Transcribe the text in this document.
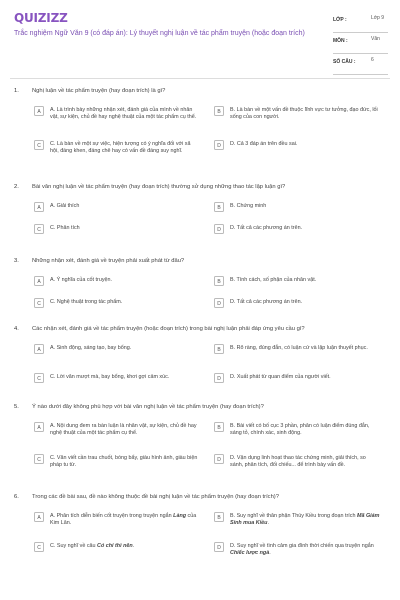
QUIZIZZ
Trắc nghiệm Ngữ Văn 9 (có đáp án): Lý thuyết nghị luận về tác phẩm truyện (hoặc đoạn trích)
LỚP :	Lớp 9
MÔN :	Văn
SỐ CÂU :	6
1. Nghị luận về tác phẩm truyện (hay đoạn trích) là gì?
A	A. Là trình bày những nhận xét, đánh giá của mình về nhân vật, sự kiện, chủ đề hay nghệ thuật của một tác phẩm cụ thể.
B	B. Là bàn về một vấn đề thuộc lĩnh vực tư tưởng, đạo đức, lối sống của con người.
C	C. Là bàn về một sự việc, hiện tượng có ý nghĩa đối với xã hội, đáng khen, đáng chê hay có vấn đề đáng suy nghĩ.
D	D. Cả 3 đáp án trên đều sai.
2. Bài văn nghị luận về tác phẩm truyện (hay đoạn trích) thường sử dụng những thao tác lập luận gì?
A	A. Giải thích	B	B. Chứng minh
C	C. Phân tích	D	D. Tất cả các phương án trên.
3. Những nhận xét, đánh giá về truyện phải xuất phát từ đâu?
A	A. Ý nghĩa của cốt truyện.	B	B. Tính cách, số phận của nhân vật.
C	C. Nghệ thuật trong tác phẩm.	D	D. Tất cả các phương án trên.
4. Các nhận xét, đánh giá về tác phẩm truyện (hoặc đoạn trích) trong bài nghị luận phải đáp ứng yêu cầu gì?
A	A. Sinh động, sáng tạo, bay bổng.	B	B. Rõ ràng, đúng đắn, có luận cứ và lập luận thuyết phục.
C	C. Lời văn mượt mà, bay bổng, khơi gợi cảm xúc.	D	D. Xuất phát từ quan điểm của người viết.
5. Ý nào dưới đây không phù hợp với bài văn nghị luận về tác phẩm truyện (hay đoạn trích)?
A	A. Nội dung đem ra bàn luận là nhân vật, sự kiện, chủ đề hay nghệ thuật của một tác phẩm cụ thể.
B	B. Bài viết có bố cục 3 phần, phân có luận điểm đúng đắn, sáng tỏ, chính xác, sinh động.
C	C. Văn viết cần trau chuốt, bóng bẩy, giàu hình ảnh, giàu biện pháp tu từ.
D	D. Vận dụng linh hoạt thao tác chứng minh, giải thích, so sánh, phân tích, đối chiếu... để trình bày vấn đề.
6. Trong các đề bài sau, đề nào không thuộc đề bài nghị luận về tác phẩm truyện (hay đoạn trích)?
A	A. Phân tích diễn biến cốt truyện trong truyện ngắn Làng của Kim Lân.
B	B. Suy nghĩ về thân phận Thúy Kiều trong đoạn trích Mã Giám Sinh mua Kiều.
C	C. Suy nghĩ về câu Có chí thì nên.	D	D. Suy nghĩ về tình cảm gia đình thời chiến qua truyện ngắn Chiếc lược ngà.
